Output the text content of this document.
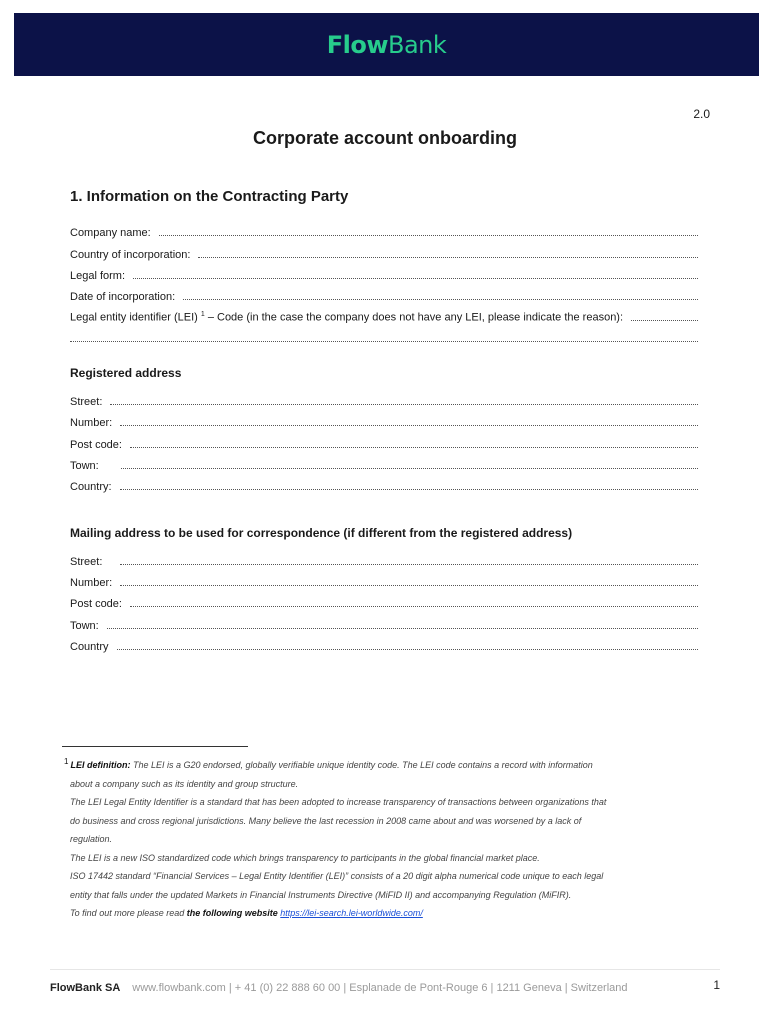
FlowBank
2.0
Corporate account onboarding
1. Information on the Contracting Party
Company name:
Country of incorporation:
Legal form:
Date of incorporation:
Legal entity identifier (LEI) $^1$ – Code (in the case the company does not have any LEI, please indicate the reason):
Registered address
Street:
Number:
Post code:
Town:
Country:
Mailing address to be used for correspondence (if different from the registered address)
Street:
Number:
Post code:
Town:
Country
1 LEI definition: The LEI is a G20 endorsed, globally verifiable unique identity code. The LEI code contains a record with information
about a company such as its identity and group structure.
The LEI Legal Entity Identifier is a standard that has been adopted to increase transparency of transactions between organizations that
do business and cross regional jurisdictions. Many believe the last recession in 2008 came about and was worsened by a lack of
regulation.
The LEI is a new ISO standardized code which brings transparency to participants in the global financial market place.
ISO 17442 standard “Financial Services – Legal Entity Identifier (LEI)” consists of a 20 digit alpha numerical code unique to each legal
entity that falls under the updated Markets in Financial Instruments Directive (MiFID II) and accompanying Regulation (MiFIR).
To find out more please read the following website https://lei-search.lei-worldwide.com/
FlowBank SA www.flowbank.com | + 41 (0) 22 888 60 00 | Esplanade de Pont-Rouge 6 | 1211 Geneva | Switzerland	1
